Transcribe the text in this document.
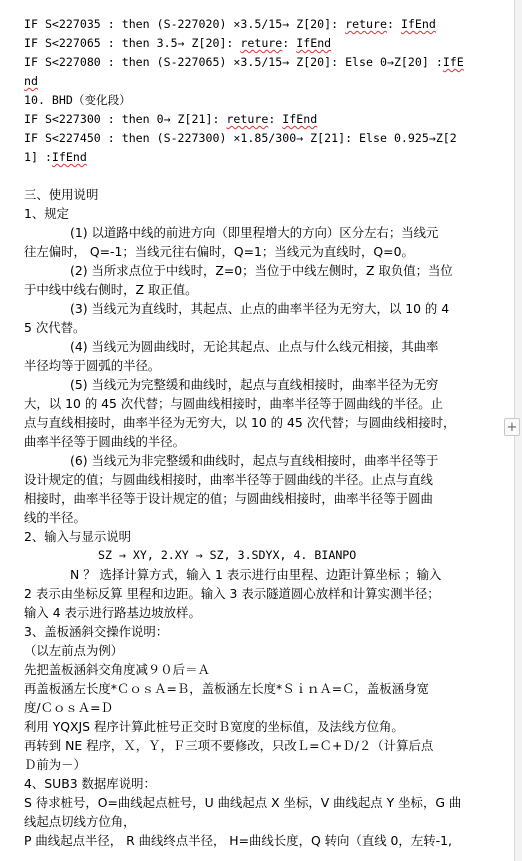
IF S<227035 : then (S-227020) ×3.5/15→ Z[20]: reture: IfEnd
IF S<227065 : then 3.5→ Z[20]: reture: IfEnd
IF S<227080 : then (S-227065) ×3.5/15→ Z[20]: Else 0→Z[20] :IfE
nd
10. BHD（变化段）
IF S<227300 : then 0→ Z[21]: reture: IfEnd
IF S<227450 : then (S-227300) ×1.85/300→ Z[21]: Else 0.925→Z[2
1] :IfEnd
三、使用说明
1、规定
(1) 以道路中线的前进方向（即里程增大的方向）区分左右；当线元
往左偏时， Q=-1；当线元往右偏时，Q=1；当线元为直线时，Q=0。
(2) 当所求点位于中线时，Z=0；当位于中线左侧时，Z 取负值；当位
于中线中线右侧时，Z 取正值。
(3) 当线元为直线时，其起点、止点的曲率半径为无穷大，以 10 的 4
5 次代替。
(4) 当线元为圆曲线时，无论其起点、止点与什么线元相接，其曲率
半径均等于圆弧的半径。
(5) 当线元为完整缓和曲线时，起点与直线相接时，曲率半径为无穷
大，以 10 的 45 次代替；与圆曲线相接时，曲率半径等于圆曲线的半径。止
点与直线相接时，曲率半径为无穷大，以 10 的 45 次代替；与圆曲线相接时，
曲率半径等于圆曲线的半径。
(6) 当线元为非完整缓和曲线时，起点与直线相接时，曲率半径等于
设计规定的值；与圆曲线相接时，曲率半径等于圆曲线的半径。止点与直线
相接时，曲率半径等于设计规定的值；与圆曲线相接时，曲率半径等于圆曲
线的半径。
2、输入与显示说明
SZ → XY, 2.XY → SZ, 3.SDYX, 4. BIANPO
N ？ 选择计算方式，输入 1 表示进行由里程、边距计算坐标 ；输入
2 表示由坐标反算 里程和边距。输入 3 表示隧道圆心放样和计算实测半径；
输入 4 表示进行路基边坡放样。
3、盖板涵斜交操作说明：
（以左前点为例）
先把盖板涵斜交角度减９０后＝Ａ
再盖板涵左长度*ＣｏｓＡ=Ｂ，盖板涵左长度*ＳｉｎＡ=Ｃ，盖板涵身宽
度/ＣｏｓＡ=Ｄ
利用 YQXJS 程序计算此桩号正交时Ｂ宽度的坐标值，及法线方位角。
再转到 NE 程序，Ｘ，Ｙ，Ｆ三项不要修改，只改Ｌ=Ｃ+Ｄ/２（计算后点
Ｄ前为－）
4、SUB3 数据库说明：
S 待求桩号，O=曲线起点桩号，U 曲线起点 X 坐标，V 曲线起点 Y 坐标，G 曲
线起点切线方位角，
P 曲线起点半径， R 曲线终点半径， H=曲线长度，Q 转向（直线 0，左转-1,
+
